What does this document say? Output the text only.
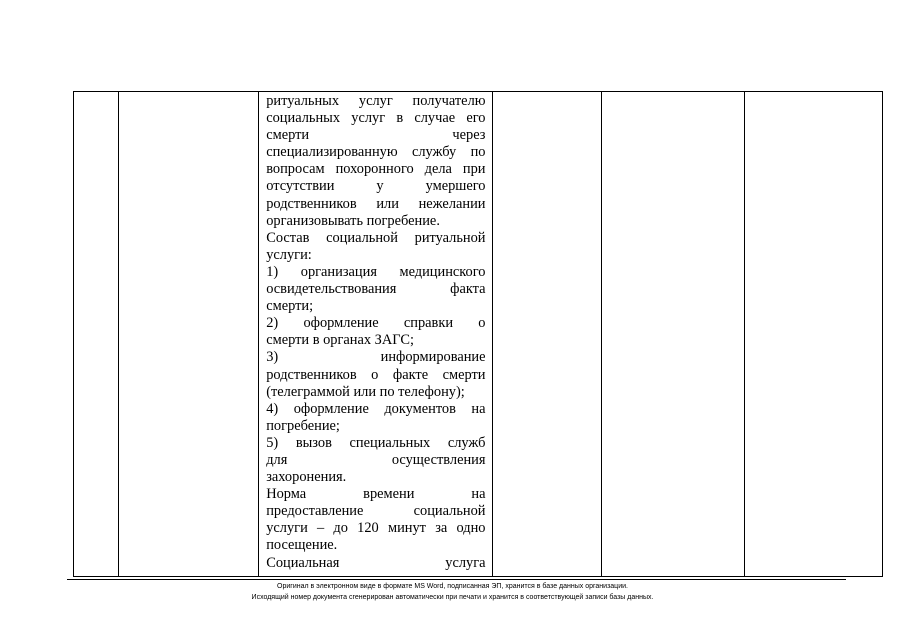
ритуальных услуг получателю
социальных услуг в случае его
смерти через
специализированную службу по
вопросам похоронного дела при
отсутствии у умершего
родственников или нежелании
организовывать погребение.
Состав социальной ритуальной
услуги:
1) организация медицинского
освидетельствования факта
смерти;
2) оформление справки о
смерти в органах ЗАГС;
3) информирование
родственников о факте смерти
(телеграммой или по телефону);
4) оформление документов на
погребение;
5) вызов специальных служб
для осуществления
захоронения.
Норма времени на
предоставление социальной
услуги – до 120 минут за одно
посещение.
Социальная услуга

Оригинал в электронном виде в формате MS Word, подписанная ЭП, хранится в базе данных организации.
Исходящий номер документа сгенерирован автоматически при печати и хранится в соответствующей записи базы данных.
